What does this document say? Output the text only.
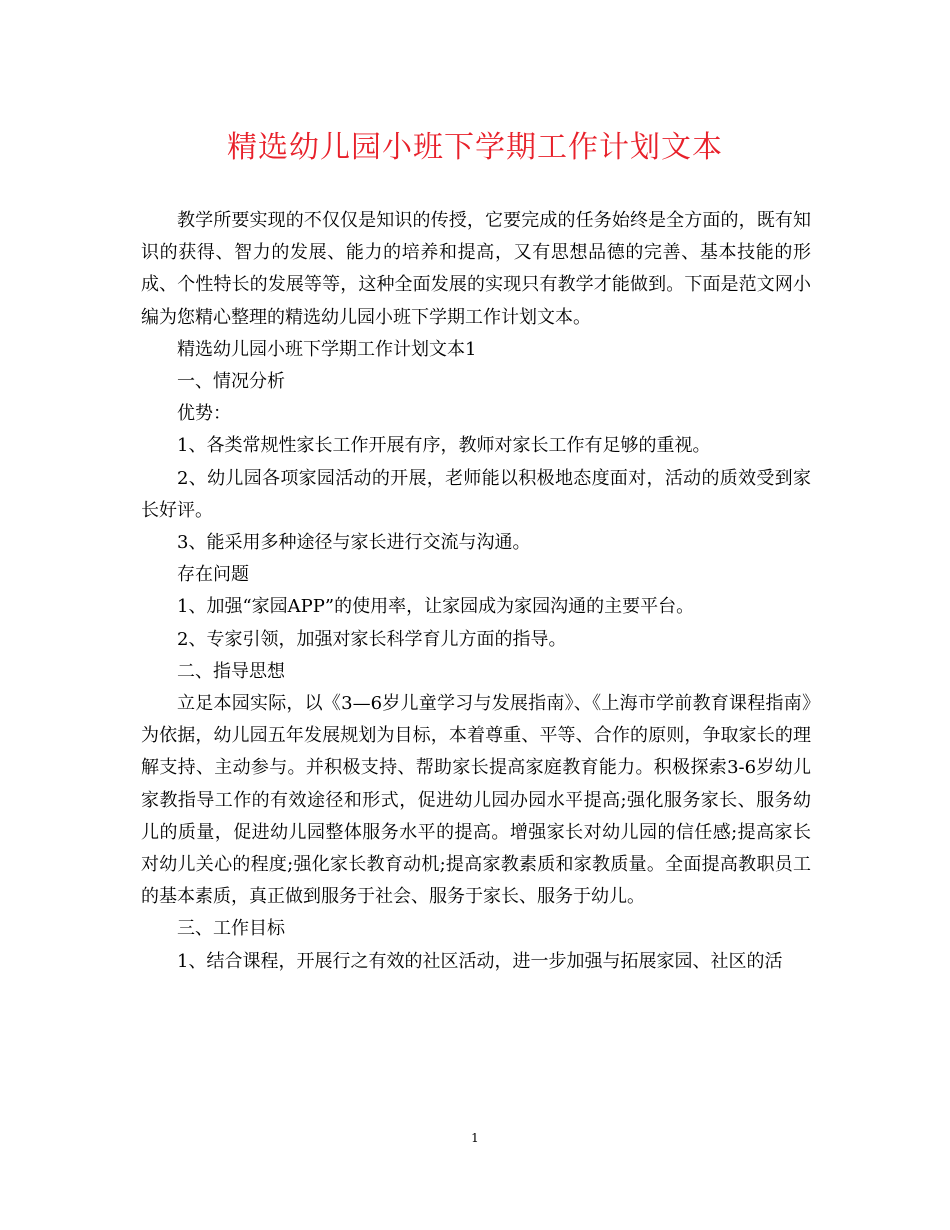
精选幼儿园小班下学期工作计划文本

教学所要实现的不仅仅是知识的传授，它要完成的任务始终是全方面的，既有知识的获得、智力的发展、能力的培养和提高，又有思想品德的完善、基本技能的形成、个性特长的发展等等，这种全面发展的实现只有教学才能做到。下面是范文网小编为您精心整理的精选幼儿园小班下学期工作计划文本。

精选幼儿园小班下学期工作计划文本1

一、情况分析

优势：

1、各类常规性家长工作开展有序，教师对家长工作有足够的重视。

2、幼儿园各项家园活动的开展，老师能以积极地态度面对，活动的质效受到家长好评。

3、能采用多种途径与家长进行交流与沟通。

存在问题

1、加强“家园APP”的使用率，让家园成为家园沟通的主要平台。

2、专家引领，加强对家长科学育儿方面的指导。

二、指导思想

立足本园实际，以《3—6岁儿童学习与发展指南》、《上海市学前教育课程指南》为依据，幼儿园五年发展规划为目标，本着尊重、平等、合作的原则，争取家长的理解支持、主动参与。并积极支持、帮助家长提高家庭教育能力。积极探索3-6岁幼儿家教指导工作的有效途径和形式，促进幼儿园办园水平提高;强化服务家长、服务幼儿的质量，促进幼儿园整体服务水平的提高。增强家长对幼儿园的信任感;提高家长对幼儿关心的程度;强化家长教育动机;提高家教素质和家教质量。全面提高教职员工的基本素质，真正做到服务于社会、服务于家长、服务于幼儿。

三、工作目标

1、结合课程，开展行之有效的社区活动，进一步加强与拓展家园、社区的活

1
